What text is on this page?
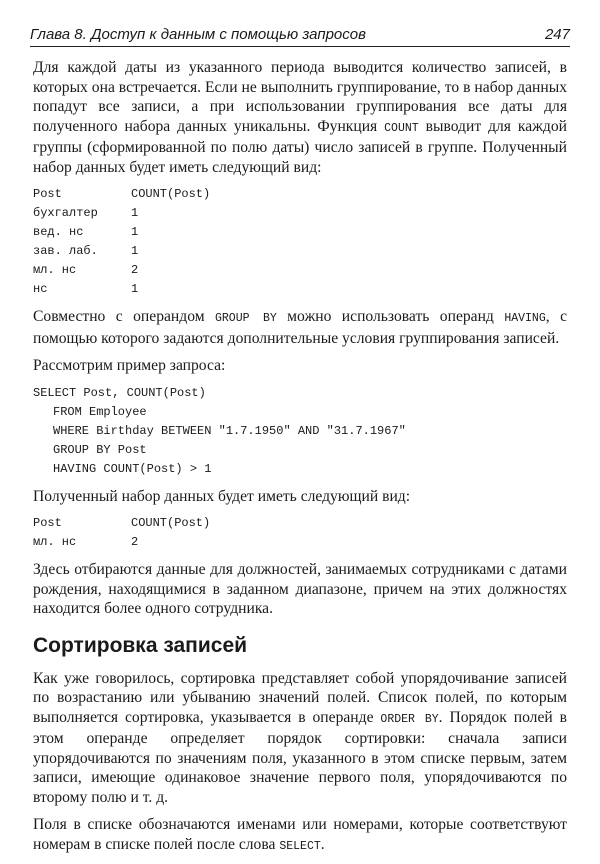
Глава 8. Доступ к данным с помощью запросов	247

Для каждой даты из указанного периода выводится количество записей, в которых она встречается. Если не выполнить группирование, то в набор данных попадут все записи, а при использовании группирования все даты для полученного набора данных уникальны. Функция COUNT выводит для каждой группы (сформированной по полю даты) число записей в группе. Полученный набор данных будет иметь следующий вид:

Post	COUNT(Post)
бухгалтер	1
вед. нс	1
зав. лаб.	1
мл. нс	2
нс	1

Совместно с операндом GROUP BY можно использовать операнд HAVING, с помощью которого задаются дополнительные условия группирования записей.

Рассмотрим пример запроса:

SELECT Post, COUNT(Post)
FROM Employee
WHERE Birthday BETWEEN "1.7.1950" AND "31.7.1967"
GROUP BY Post
HAVING COUNT(Post) > 1

Полученный набор данных будет иметь следующий вид:

Post	COUNT(Post)
мл. нс	2

Здесь отбираются данные для должностей, занимаемых сотрудниками с датами рождения, находящимися в заданном диапазоне, причем на этих должностях находится более одного сотрудника.

Сортировка записей

Как уже говорилось, сортировка представляет собой упорядочивание записей по возрастанию или убыванию значений полей. Список полей, по которым выполняется сортировка, указывается в операнде ORDER BY. Порядок полей в этом операнде определяет порядок сортировки: сначала записи упорядочиваются по значениям поля, указанного в этом списке первым, затем записи, имеющие одинаковое значение первого поля, упорядочиваются по второму полю и т. д.

Поля в списке обозначаются именами или номерами, которые соответствуют номерам в списке полей после слова SELECT.
